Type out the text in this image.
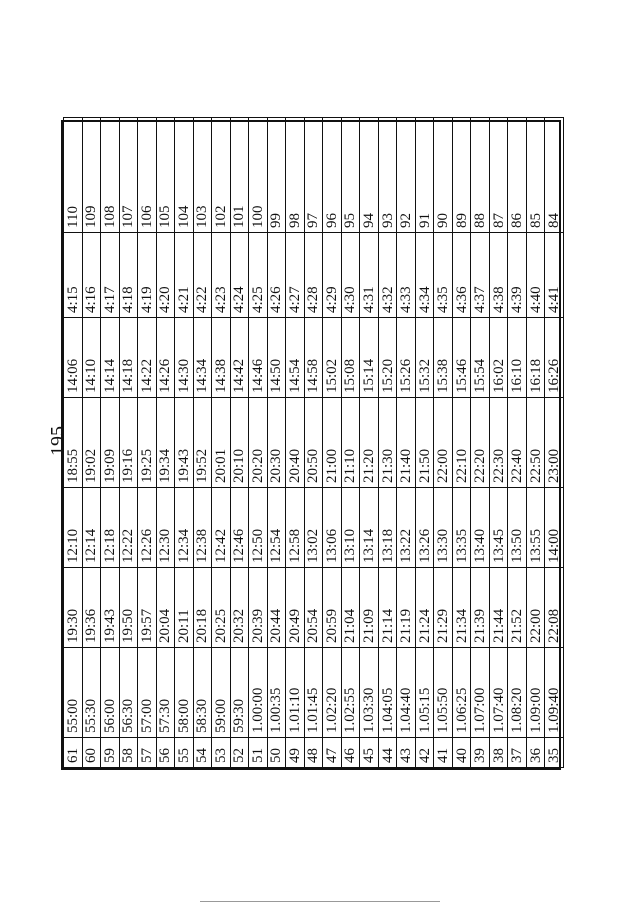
195
61	55:00	19:30	12:10	18:55	14:06	4:15	110
60	55:30	19:36	12:14	19:02	14:10	4:16	109
59	56:00	19:43	12:18	19:09	14:14	4:17	108
58	56:30	19:50	12:22	19:16	14:18	4:18	107
57	57:00	19:57	12:26	19:25	14:22	4:19	106
56	57:30	20:04	12:30	19:34	14:26	4:20	105
55	58:00	20:11	12:34	19:43	14:30	4:21	104
54	58:30	20:18	12:38	19:52	14:34	4:22	103
53	59:00	20:25	12:42	20:01	14:38	4:23	102
52	59:30	20:32	12:46	20:10	14:42	4:24	101
51	1.00:00	20:39	12:50	20:20	14:46	4:25	100
50	1.00:35	20:44	12:54	20:30	14:50	4:26	99
49	1.01:10	20:49	12:58	20:40	14:54	4:27	98
48	1.01:45	20:54	13:02	20:50	14:58	4:28	97
47	1.02:20	20:59	13:06	21:00	15:02	4:29	96
46	1.02:55	21:04	13:10	21:10	15:08	4:30	95
45	1.03:30	21:09	13:14	21:20	15:14	4:31	94
44	1.04:05	21:14	13:18	21:30	15:20	4:32	93
43	1.04:40	21:19	13:22	21:40	15:26	4:33	92
42	1.05:15	21:24	13:26	21:50	15:32	4:34	91
41	1.05:50	21:29	13:30	22:00	15:38	4:35	90
40	1.06:25	21:34	13:35	22:10	15:46	4:36	89
39	1.07:00	21:39	13:40	22:20	15:54	4:37	88
38	1.07:40	21:44	13:45	22:30	16:02	4:38	87
37	1.08:20	21:52	13:50	22:40	16:10	4:39	86
36	1.09:00	22:00	13:55	22:50	16:18	4:40	85
35	1.09:40	22:08	14:00	23:00	16:26	4:41	84
